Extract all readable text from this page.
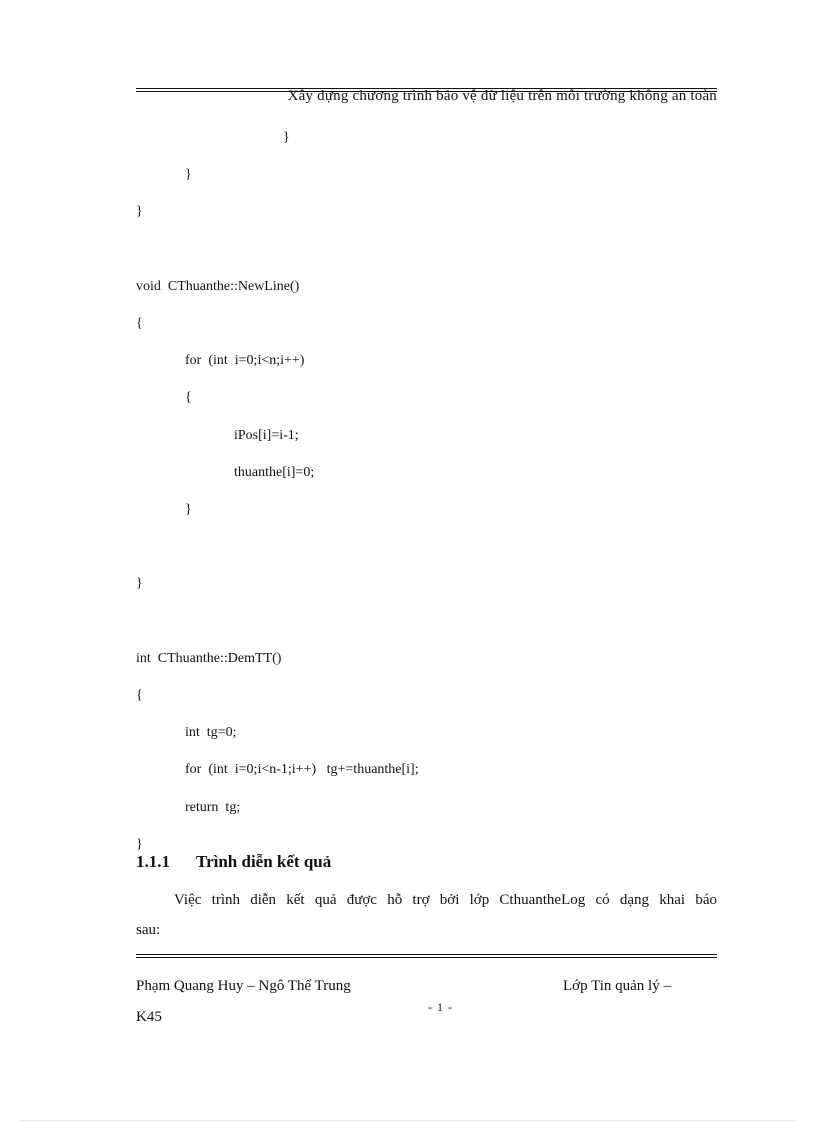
Xây dựng chương trình bảo vệ dữ liệu trên môi trường không an toàn
}
}
}
void  CThuanthe::NewLine()
{
for  (int  i=0;i<n;i++)
{
iPos[i]=i-1;
thuanthe[i]=0;
}
}
int  CThuanthe::DemTT()
{
int  tg=0;
for  (int  i=0;i<n-1;i++)   tg+=thuanthe[i];
return  tg;
}
1.1.1 Trình diễn kết quả
Việc trình diễn kết quả được hỗ trợ bởi lớp CthuantheLog có dạng khai báo
sau:
Phạm Quang Huy – Ngô Thế Trung	Lớp Tin quản lý –
K45
- 1 -
